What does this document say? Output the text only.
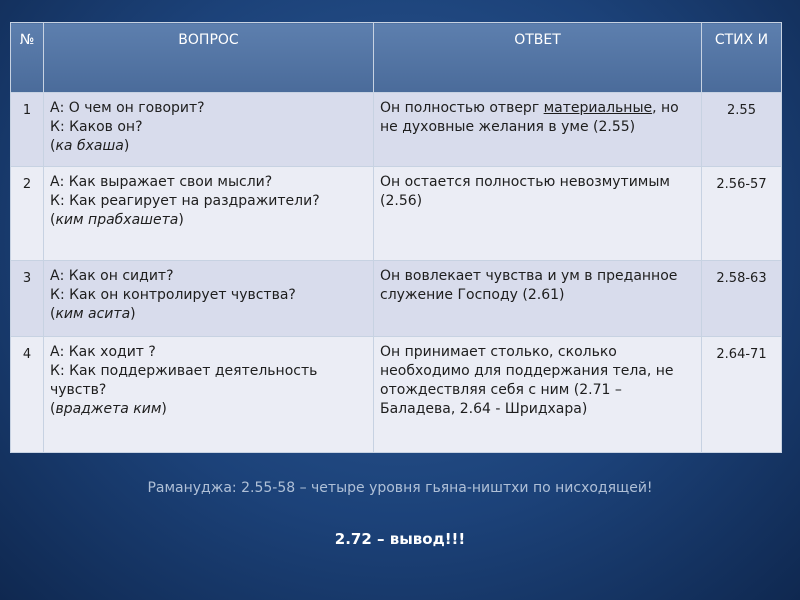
Рамануджа: 2.55-58 – четыре уровня гьяна-ништхи по нисходящей!
2.72 – вывод!!!
№	ВОПРОС	ОТВЕТ	СТИХ И
1	А: О чем он говорит?
К: Каков он?
(ка бхаша)	Он полностью отверг материальные, но не духовные желания в уме (2.55)	2.55
2	А: Как выражает свои мысли?
К: Как реагирует на раздражители?
(ким прабхашета)	Он остается полностью невозмутимым (2.56)	2.56-57
3	А: Как он сидит?
К: Как он контролирует чувства?
(ким асита)	Он вовлекает чувства и ум в преданное служение Господу (2.61)	2.58-63
4	А: Как ходит ?
К: Как поддерживает деятельность чувств?
(враджета ким)	Он принимает столько, сколько необходимо для поддержания тела, не отождествляя себя с ним (2.71 – Баладева, 2.64 - Шридхара)	2.64-71
